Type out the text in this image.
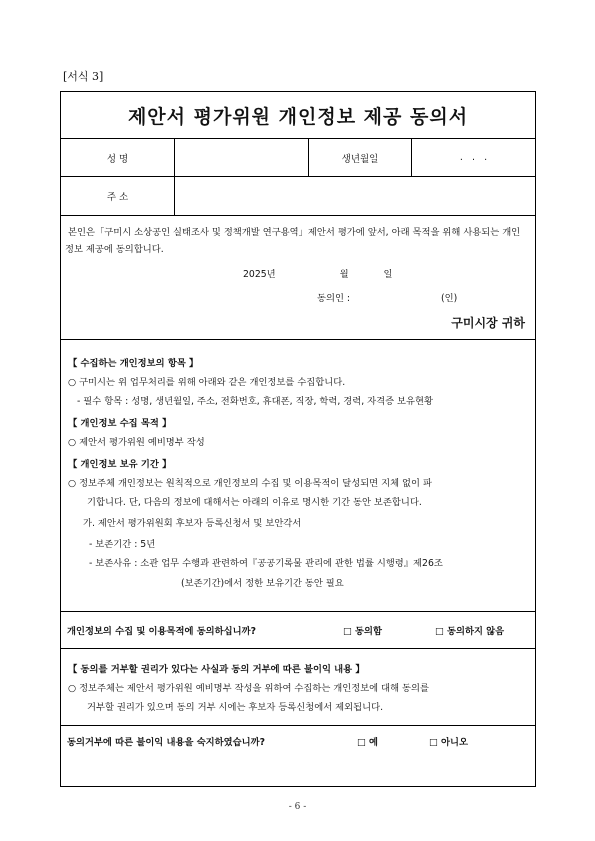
[서식 3]
제안서 평가위원 개인정보 제공 동의서
성 명	생년월일	.   .   .
주 소
본인은「구미시 소상공인 실태조사 및 정책개발 연구용역」제안서 평가에 앞서, 아래 목적을 위해 사용되는 개인정보 제공에 동의합니다.
2025년	월	일
동의인 :	(인)
구미시장 귀하
【 수집하는 개인정보의 항목 】
○ 구미시는 위 업무처리를 위해 아래와 같은 개인정보를 수집합니다.
- 필수 항목 : 성명, 생년월일, 주소, 전화번호, 휴대폰, 직장, 학력, 경력, 자격증 보유현황
【 개인정보 수집 목적 】
○ 제안서 평가위원 예비명부 작성
【 개인정보 보유 기간 】
○ 정보주체 개인정보는 원칙적으로 개인정보의 수집 및 이용목적이 달성되면 지체 없이 파
기합니다. 단, 다음의 정보에 대해서는 아래의 이유로 명시한 기간 동안 보존합니다.
가. 제안서 평가위원회 후보자 등록신청서 및 보안각서
- 보존기간 : 5년
- 보존사유 : 소관 업무 수행과 관련하여『공공기록물 관리에 관한 법률 시행령』제26조
(보존기간)에서 정한 보유기간 동안 필요
개인정보의 수집 및 이용목적에 동의하십니까?	□ 동의함	□ 동의하지 않음
【 동의를 거부할 권리가 있다는 사실과 동의 거부에 따른 불이익 내용 】
○ 정보주체는 제안서 평가위원 예비명부 작성을 위하여 수집하는 개인정보에 대해 동의를
거부할 권리가 있으며 동의 거부 시에는 후보자 등록신청에서 제외됩니다.
동의거부에 따른 불이익 내용을 숙지하였습니까?	□ 예	□ 아니오
- 6 -
